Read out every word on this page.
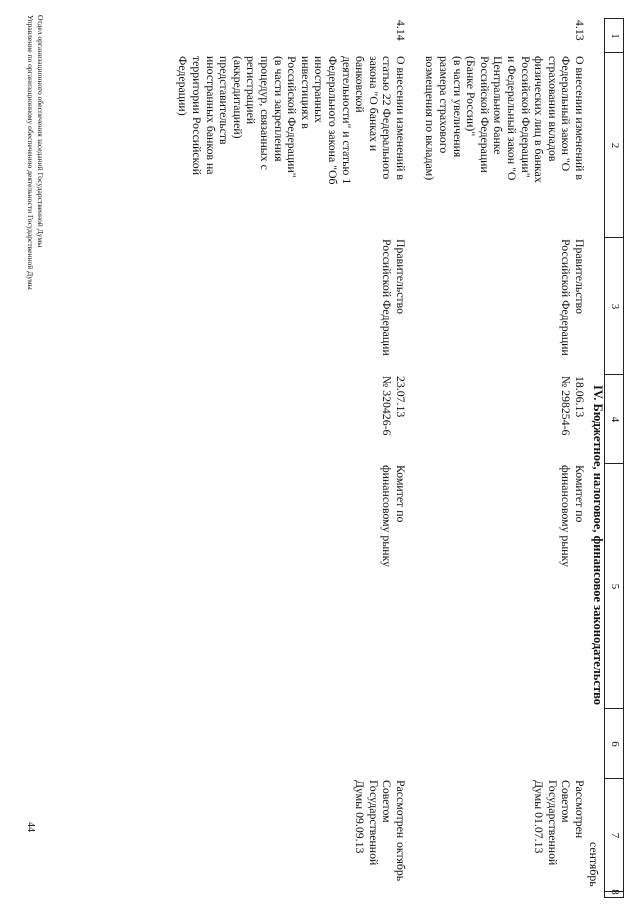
1
2
3
4
5
6
7
8
IV. Бюджетное, налоговое, финансовое законодательство
4.13
О внесении изменений в
Федеральный закон "О
страховании вкладов
физических лиц в банках
Российской Федерации"
и Федеральный закон "О
Центральном банке
Российской Федерации
(Банке России)"
(в части увеличения
размера страхового
возмещения по вкладам)
Правительство
Российской Федерации
18.06.13
№ 298254-6
Комитет по
финансовому рынку
Рассмотрен
Советом
Государственной
Думы 01.07.13
сентябрь
4.14
О внесении изменений в
статью 22 Федерального
закона "О банках и
банковской
деятельности" и статью 1
Федерального закона "Об
иностранных
инвестициях в
Российской Федерации"
(в части закрепления
процедур, связанных с
регистрацией
(аккредитацией)
представительств
иностранных банков на
территории Российской
Федерации)
Правительство
Российской Федерации
23.07.13
№ 320426-6
Комитет по
финансовому рынку
Рассмотрен
Советом
Государственной
Думы 09.09.13
октябрь
Отдел организационного обеспечения заседаний Государственной Думы
Управление по организационному обеспечению деятельности Государственной Думы
44
